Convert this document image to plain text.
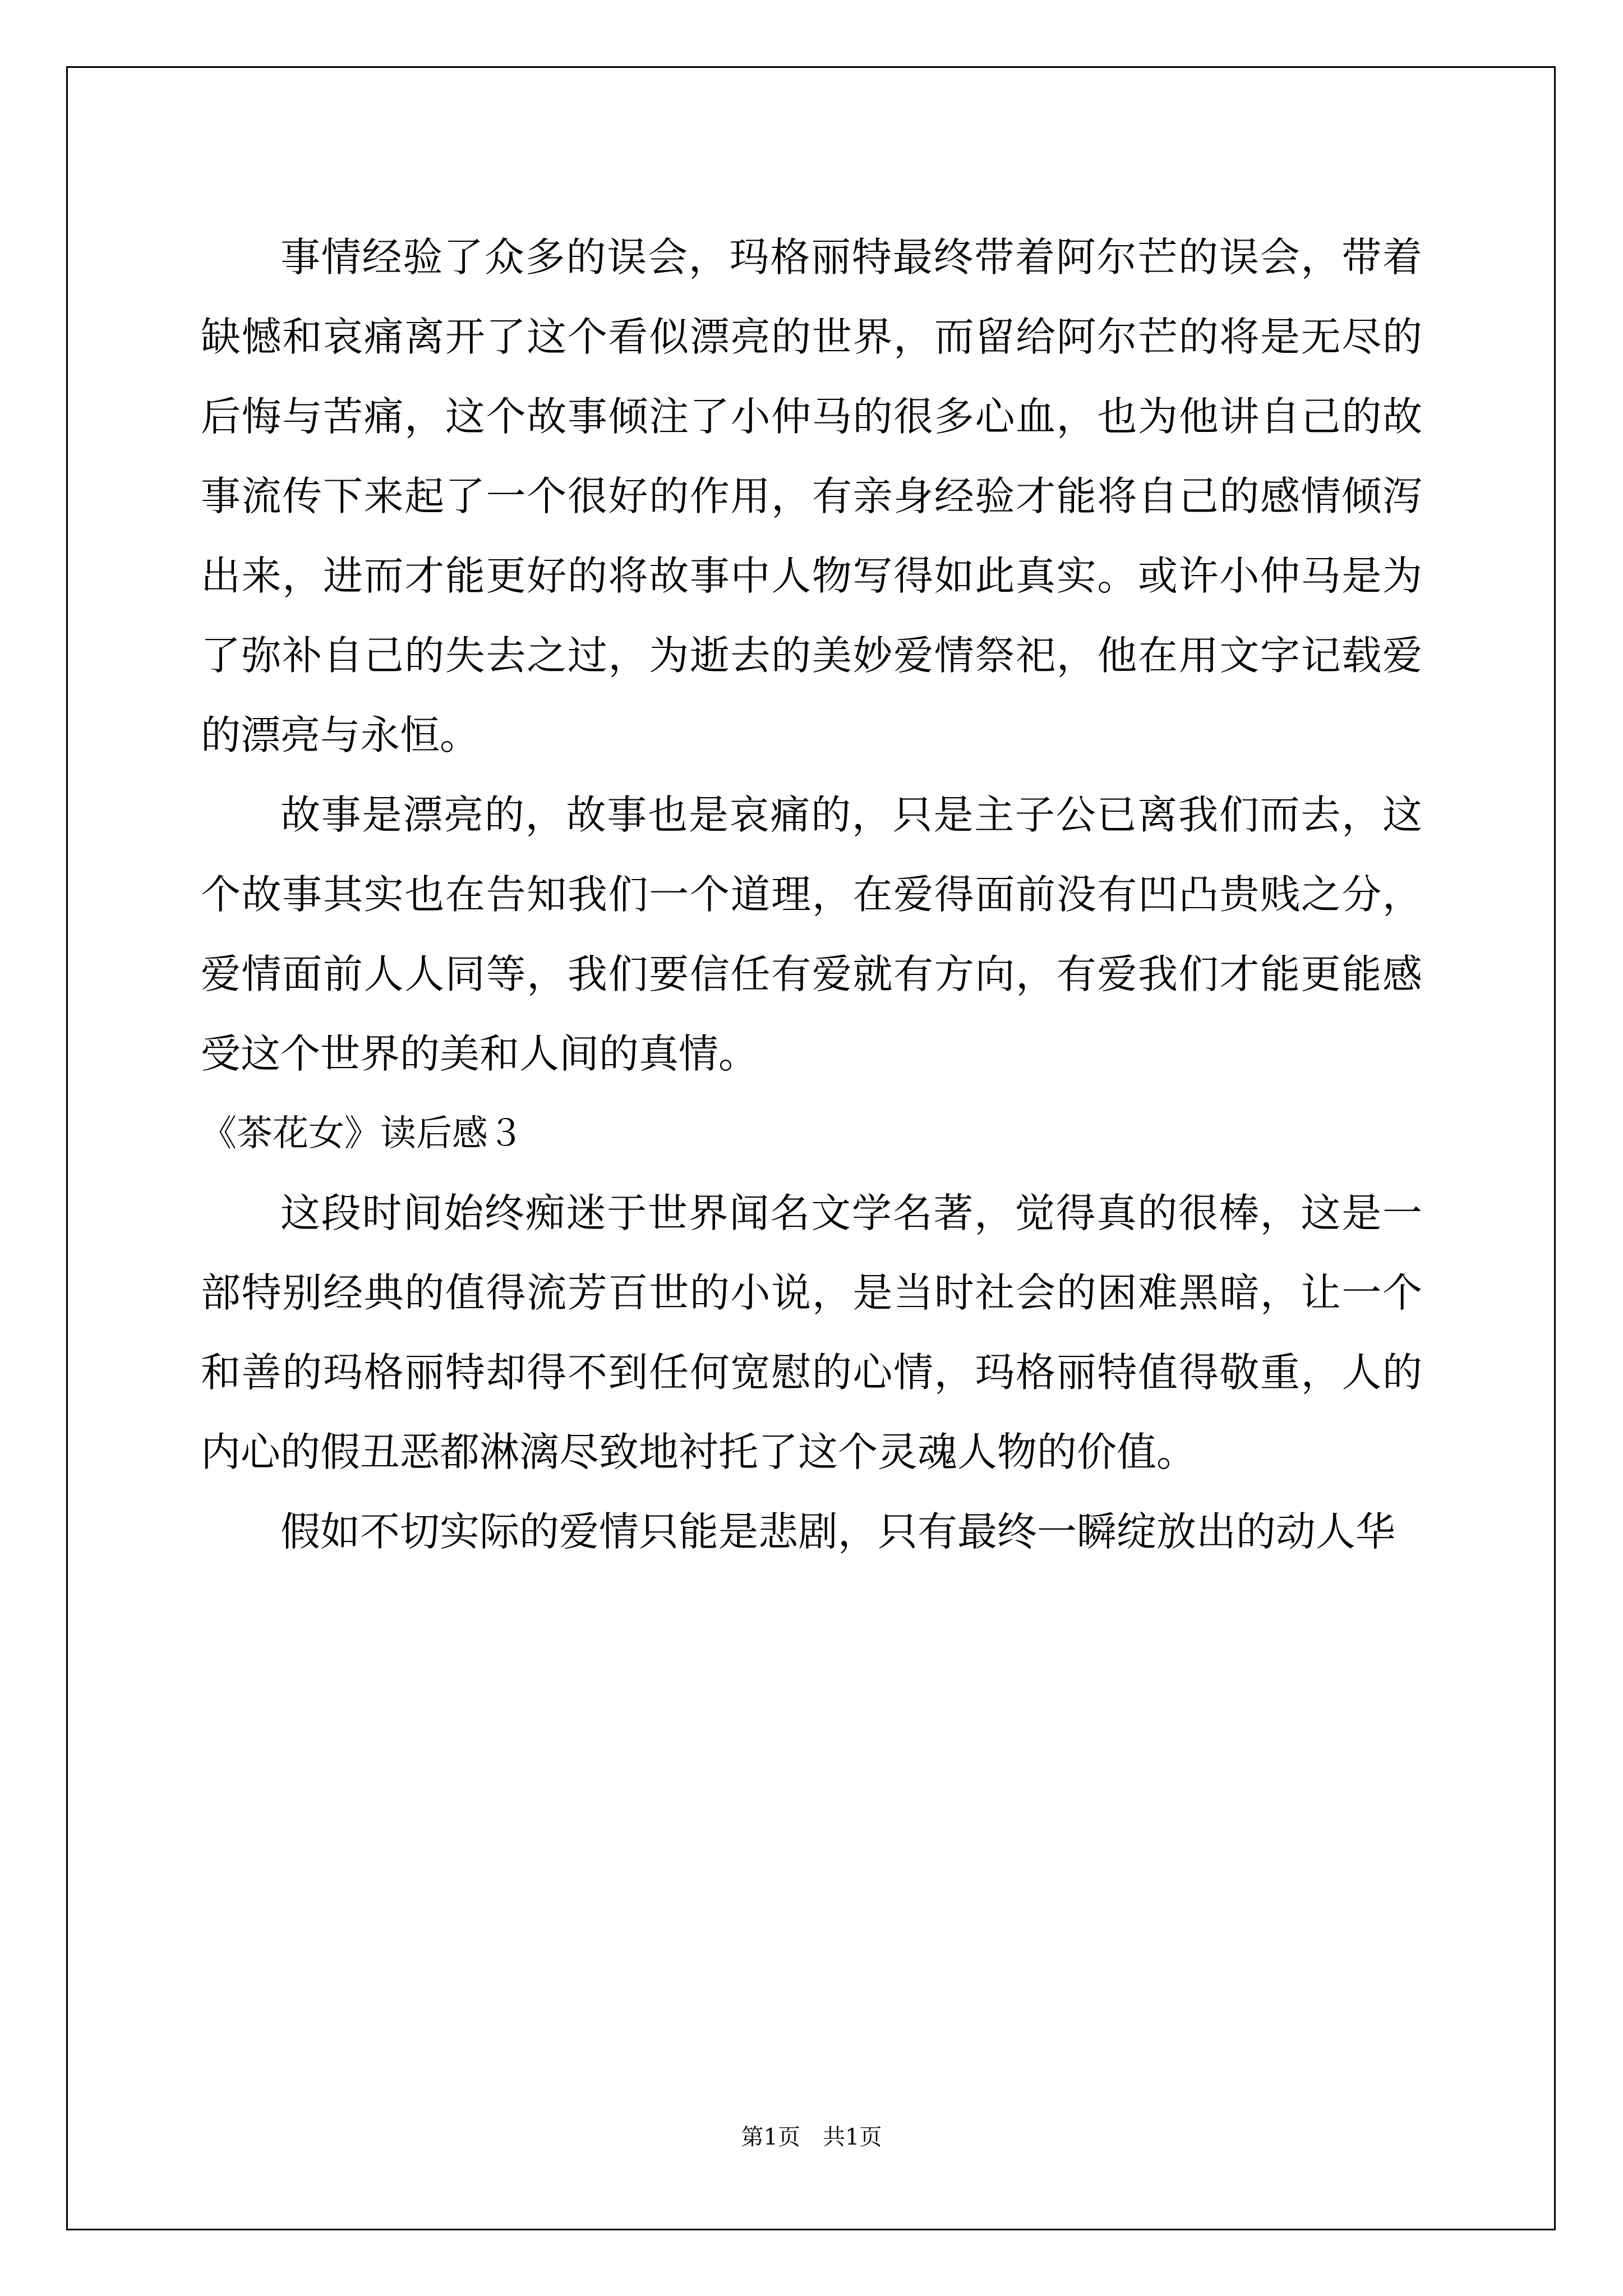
事情经验了众多的误会，玛格丽特最终带着阿尔芒的误会，带着缺憾和哀痛离开了这个看似漂亮的世界，而留给阿尔芒的将是无尽的后悔与苦痛，这个故事倾注了小仲马的很多心血，也为他讲自己的故事流传下来起了一个很好的作用，有亲身经验才能将自己的感情倾泻出来，进而才能更好的将故事中人物写得如此真实。或许小仲马是为了弥补自己的失去之过，为逝去的美妙爱情祭祀，他在用文字记载爱的漂亮与永恒。

故事是漂亮的，故事也是哀痛的，只是主子公已离我们而去，这个故事其实也在告知我们一个道理，在爱得面前没有凹凸贵贱之分，爱情面前人人同等，我们要信任有爱就有方向，有爱我们才能更能感受这个世界的美和人间的真情。

《茶花女》读后感３

这段时间始终痴迷于世界闻名文学名著，觉得真的很棒，这是一部特别经典的值得流芳百世的小说，是当时社会的困难黑暗，让一个和善的玛格丽特却得不到任何宽慰的心情，玛格丽特值得敬重，人的内心的假丑恶都淋漓尽致地衬托了这个灵魂人物的价值。

假如不切实际的爱情只能是悲剧，只有最终一瞬绽放出的动人华

第1页 共1页
